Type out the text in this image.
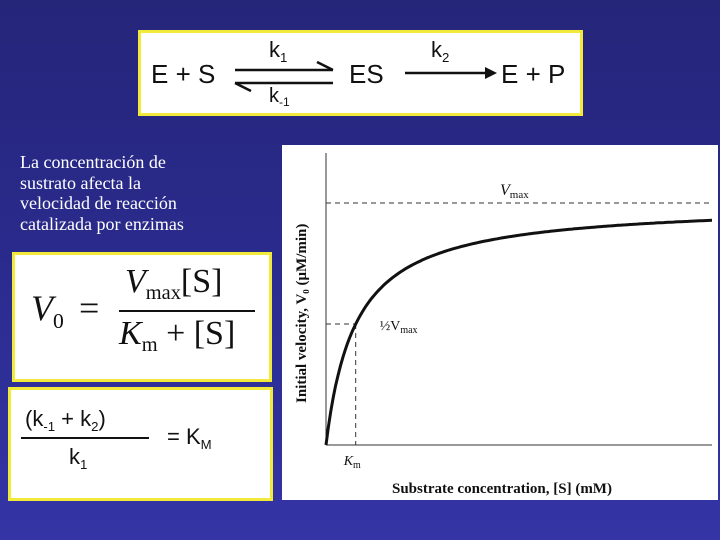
E + S
$k_1$
$k_{-1}$
ES
$k_2$
E + P
La concentración de
sustrato afecta la
velocidad de reacción
catalizada por enzimas
$V_0$ =
$V_{max}[S]$
$K_m + [S]$
$(k_{-1} + k_2)$
$k_1$
= $K_M$
Vmax
$\frac{1}{2}V_{max}$
$K_m$
Substrate concentration, [S] (mM)
Initial velocity, V₀ (μM/min)
